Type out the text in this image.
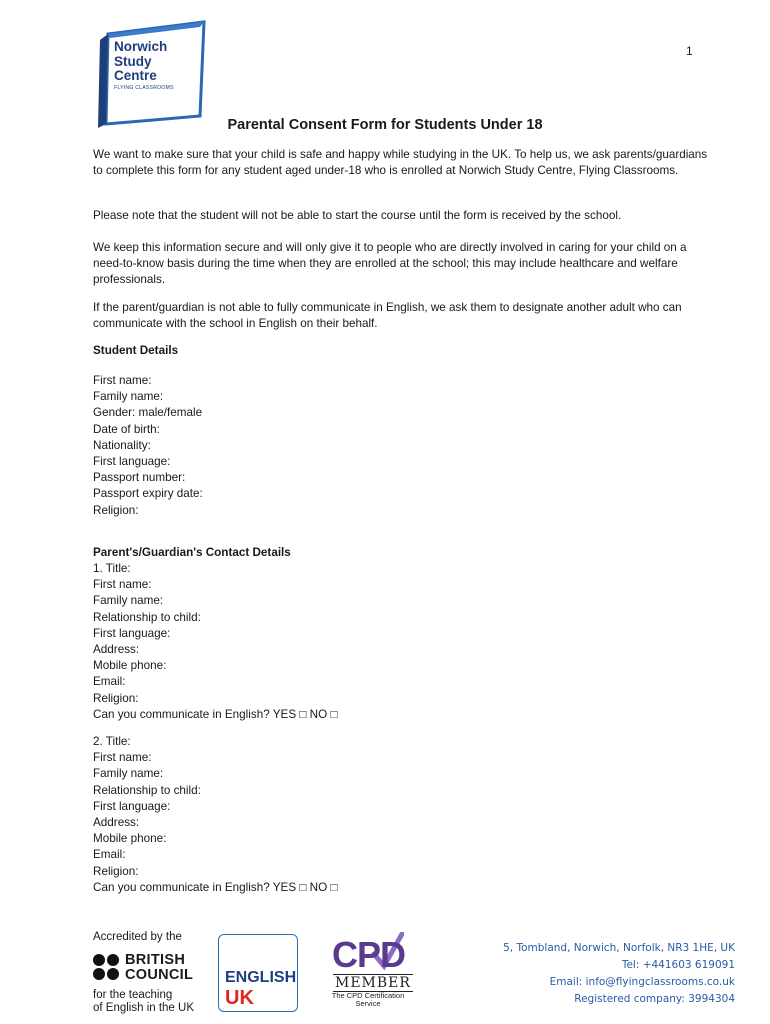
1
Norwich
Study
Centre
FLYING CLASSROOMS
Parental Consent Form for Students Under 18
We want to make sure that your child is safe and happy while studying in the UK. To help us, we ask parents/guardians to complete this form for any student aged under-18 who is enrolled at Norwich Study Centre, Flying Classrooms.
Please note that the student will not be able to start the course until the form is received by the school.
We keep this information secure and will only give it to people who are directly involved in caring for your child on a need-to-know basis during the time when they are enrolled at the school; this may include healthcare and welfare professionals.
If the parent/guardian is not able to fully communicate in English, we ask them to designate another adult who can communicate with the school in English on their behalf.
Student Details
First name:
Family name:
Gender: male/female
Date of birth:
Nationality:
First language:
Passport number:
Passport expiry date:
Religion:
Parent's/Guardian's Contact Details
1. Title:
First name:
Family name:
Relationship to child:
First language:
Address:
Mobile phone:
Email:
Religion:
Can you communicate in English? YES □ NO □
2. Title:
First name:
Family name:
Relationship to child:
First language:
Address:
Mobile phone:
Email:
Religion:
Can you communicate in English? YES □ NO □
Accredited by the
BRITISH
COUNCIL
for the teaching
of English in the UK
ENGLISH
UK
CPD
MEMBER
The CPD Certification Service
5, Tombland, Norwich, Norfolk, NR3 1HE, UK
Tel: +441603 619091
Email: info@flyingclassrooms.co.uk
Registered company: 3994304
